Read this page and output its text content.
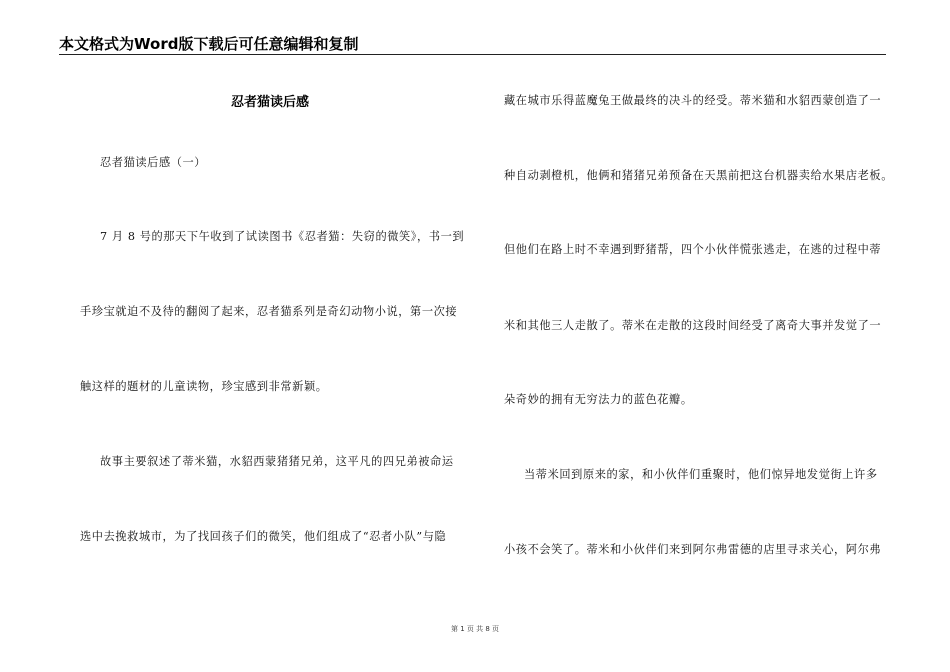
本文格式为Word版下载后可任意编辑和复制
忍者猫读后感
忍者猫读后感（一）
7 月 8 号的那天下午收到了试读图书《忍者猫：失窃的微笑》，书一到
手珍宝就迫不及待的翻阅了起来，忍者猫系列是奇幻动物小说，第一次接
触这样的题材的儿童读物，珍宝感到非常新颖。
故事主要叙述了蒂米猫，水貂西蒙猪猪兄弟，这平凡的四兄弟被命运
选中去挽救城市，为了找回孩子们的微笑，他们组成了“忍者小队”与隐
藏在城市乐得蓝魔兔王做最终的决斗的经受。蒂米猫和水貂西蒙创造了一
种自动剥橙机，他俩和猪猪兄弟预备在天黑前把这台机器卖给水果店老板。
但他们在路上时不幸遇到野猪帮，四个小伙伴慌张逃走，在逃的过程中蒂
米和其他三人走散了。蒂米在走散的这段时间经受了离奇大事并发觉了一
朵奇妙的拥有无穷法力的蓝色花瓣。
当蒂米回到原来的家，和小伙伴们重聚时，他们惊异地发觉街上许多
小孩不会笑了。蒂米和小伙伴们来到阿尔弗雷德的店里寻求关心，阿尔弗
第 1 页 共 8 页
